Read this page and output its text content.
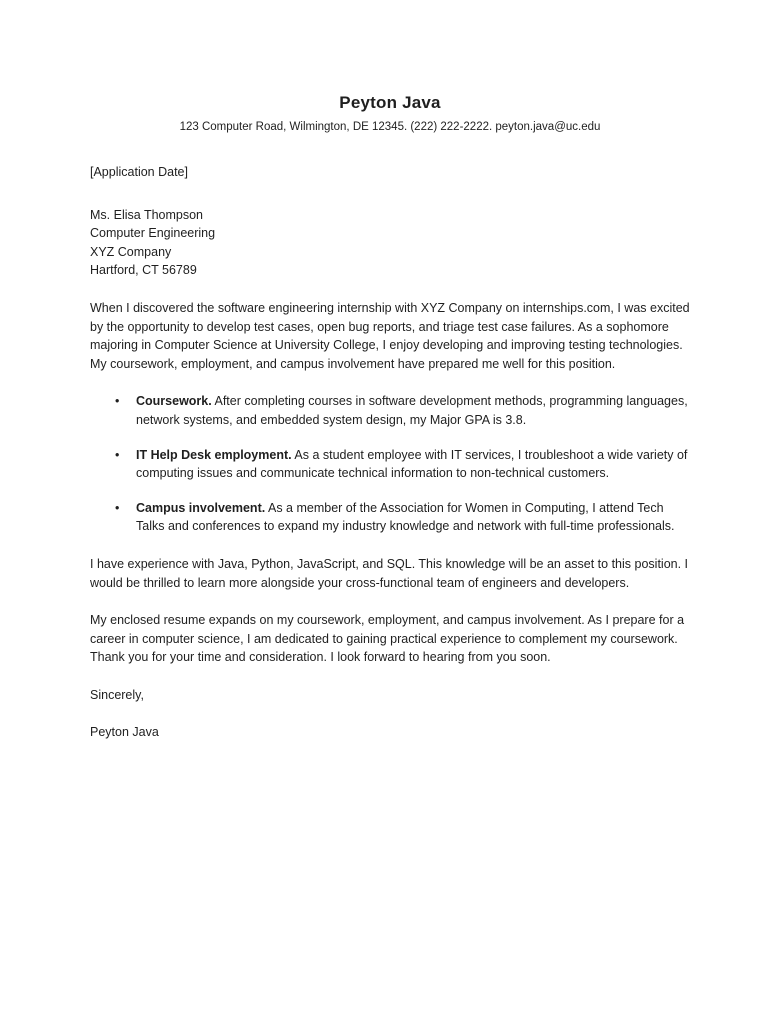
Peyton Java

123 Computer Road, Wilmington, DE 12345. (222) 222-2222. peyton.java@uc.edu

[Application Date]

Ms. Elisa Thompson

Computer Engineering

XYZ Company

Hartford, CT 56789

When I discovered the software engineering internship with XYZ Company on internships.com, I was excited by the opportunity to develop test cases, open bug reports, and triage test case failures. As a sophomore majoring in Computer Science at University College, I enjoy developing and improving testing technologies. My coursework, employment, and campus involvement have prepared me well for this position.

•	Coursework. After completing courses in software development methods, programming languages, network systems, and embedded system design, my Major GPA is 3.8.
•	IT Help Desk employment. As a student employee with IT services, I troubleshoot a wide variety of computing issues and communicate technical information to non-technical customers.
•	Campus involvement. As a member of the Association for Women in Computing, I attend Tech Talks and conferences to expand my industry knowledge and network with full-time professionals.

I have experience with Java, Python, JavaScript, and SQL. This knowledge will be an asset to this position. I would be thrilled to learn more alongside your cross-functional team of engineers and developers.

My enclosed resume expands on my coursework, employment, and campus involvement. As I prepare for a career in computer science, I am dedicated to gaining practical experience to complement my coursework. Thank you for your time and consideration. I look forward to hearing from you soon.

Sincerely,

Peyton Java
